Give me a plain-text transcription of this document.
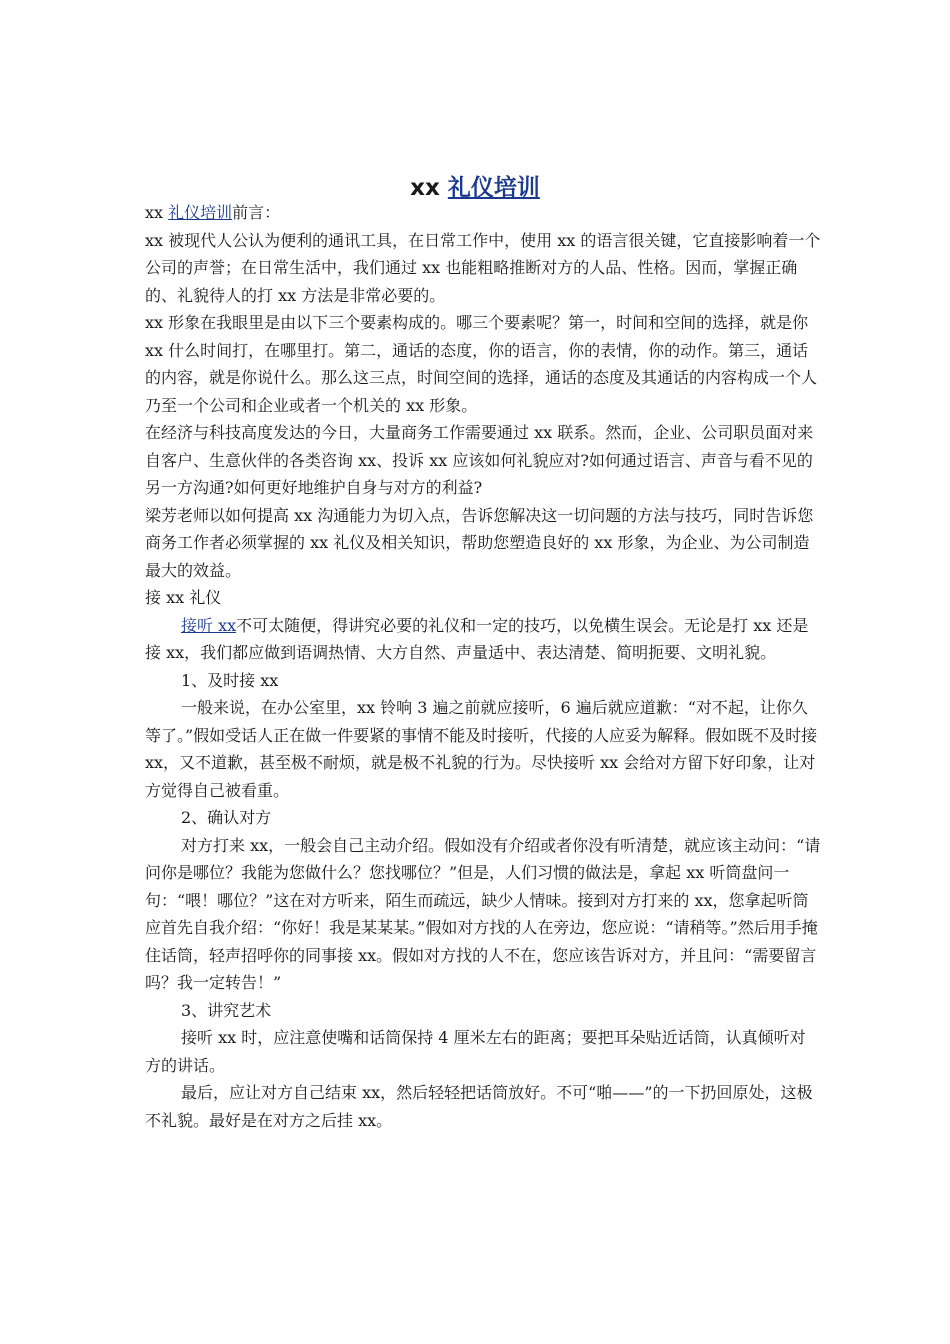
xx 礼仪培训

xx 礼仪培训前言：

xx 被现代人公认为便利的通讯工具，在日常工作中，使用 xx 的语言很关键，它直接影响着一个公司的声誉；在日常生活中，我们通过 xx 也能粗略推断对方的人品、性格。因而，掌握正确的、礼貌待人的打 xx 方法是非常必要的。

xx 形象在我眼里是由以下三个要素构成的。哪三个要素呢？第一，时间和空间的选择，就是你 xx 什么时间打，在哪里打。第二，通话的态度，你的语言，你的表情，你的动作。第三，通话的内容，就是你说什么。那么这三点，时间空间的选择，通话的态度及其通话的内容构成一个人乃至一个公司和企业或者一个机关的 xx 形象。

在经济与科技高度发达的今日，大量商务工作需要通过 xx 联系。然而，企业、公司职员面对来自客户、生意伙伴的各类咨询 xx、投诉 xx 应该如何礼貌应对?如何通过语言、声音与看不见的另一方沟通?如何更好地维护自身与对方的利益?

梁芳老师以如何提高 xx 沟通能力为切入点，告诉您解决这一切问题的方法与技巧，同时告诉您商务工作者必须掌握的 xx 礼仪及相关知识，帮助您塑造良好的 xx 形象，为企业、为公司制造最大的效益。

接 xx 礼仪

接听 xx不可太随便，得讲究必要的礼仪和一定的技巧，以免横生误会。无论是打 xx 还是接 xx，我们都应做到语调热情、大方自然、声量适中、表达清楚、简明扼要、文明礼貌。

1、及时接 xx

一般来说，在办公室里，xx 铃响 3 遍之前就应接听，6 遍后就应道歉：“对不起，让你久等了。”假如受话人正在做一件要紧的事情不能及时接听，代接的人应妥为解释。假如既不及时接 xx，又不道歉，甚至极不耐烦，就是极不礼貌的行为。尽快接听 xx 会给对方留下好印象，让对方觉得自己被看重。

2、确认对方

对方打来 xx，一般会自己主动介绍。假如没有介绍或者你没有听清楚，就应该主动问：“请问你是哪位？我能为您做什么？您找哪位？”但是，人们习惯的做法是，拿起 xx 听筒盘问一句：“喂！哪位？”这在对方听来，陌生而疏远，缺少人情味。接到对方打来的 xx，您拿起听筒应首先自我介绍：“你好！我是某某某。”假如对方找的人在旁边，您应说：“请稍等。”然后用手掩住话筒，轻声招呼你的同事接 xx。假如对方找的人不在，您应该告诉对方，并且问：“需要留言吗？我一定转告！”

3、讲究艺术

接听 xx 时，应注意使嘴和话筒保持 4 厘米左右的距离；要把耳朵贴近话筒，认真倾听对方的讲话。

最后，应让对方自己结束 xx，然后轻轻把话筒放好。不可“啪——”的一下扔回原处，这极不礼貌。最好是在对方之后挂 xx。
